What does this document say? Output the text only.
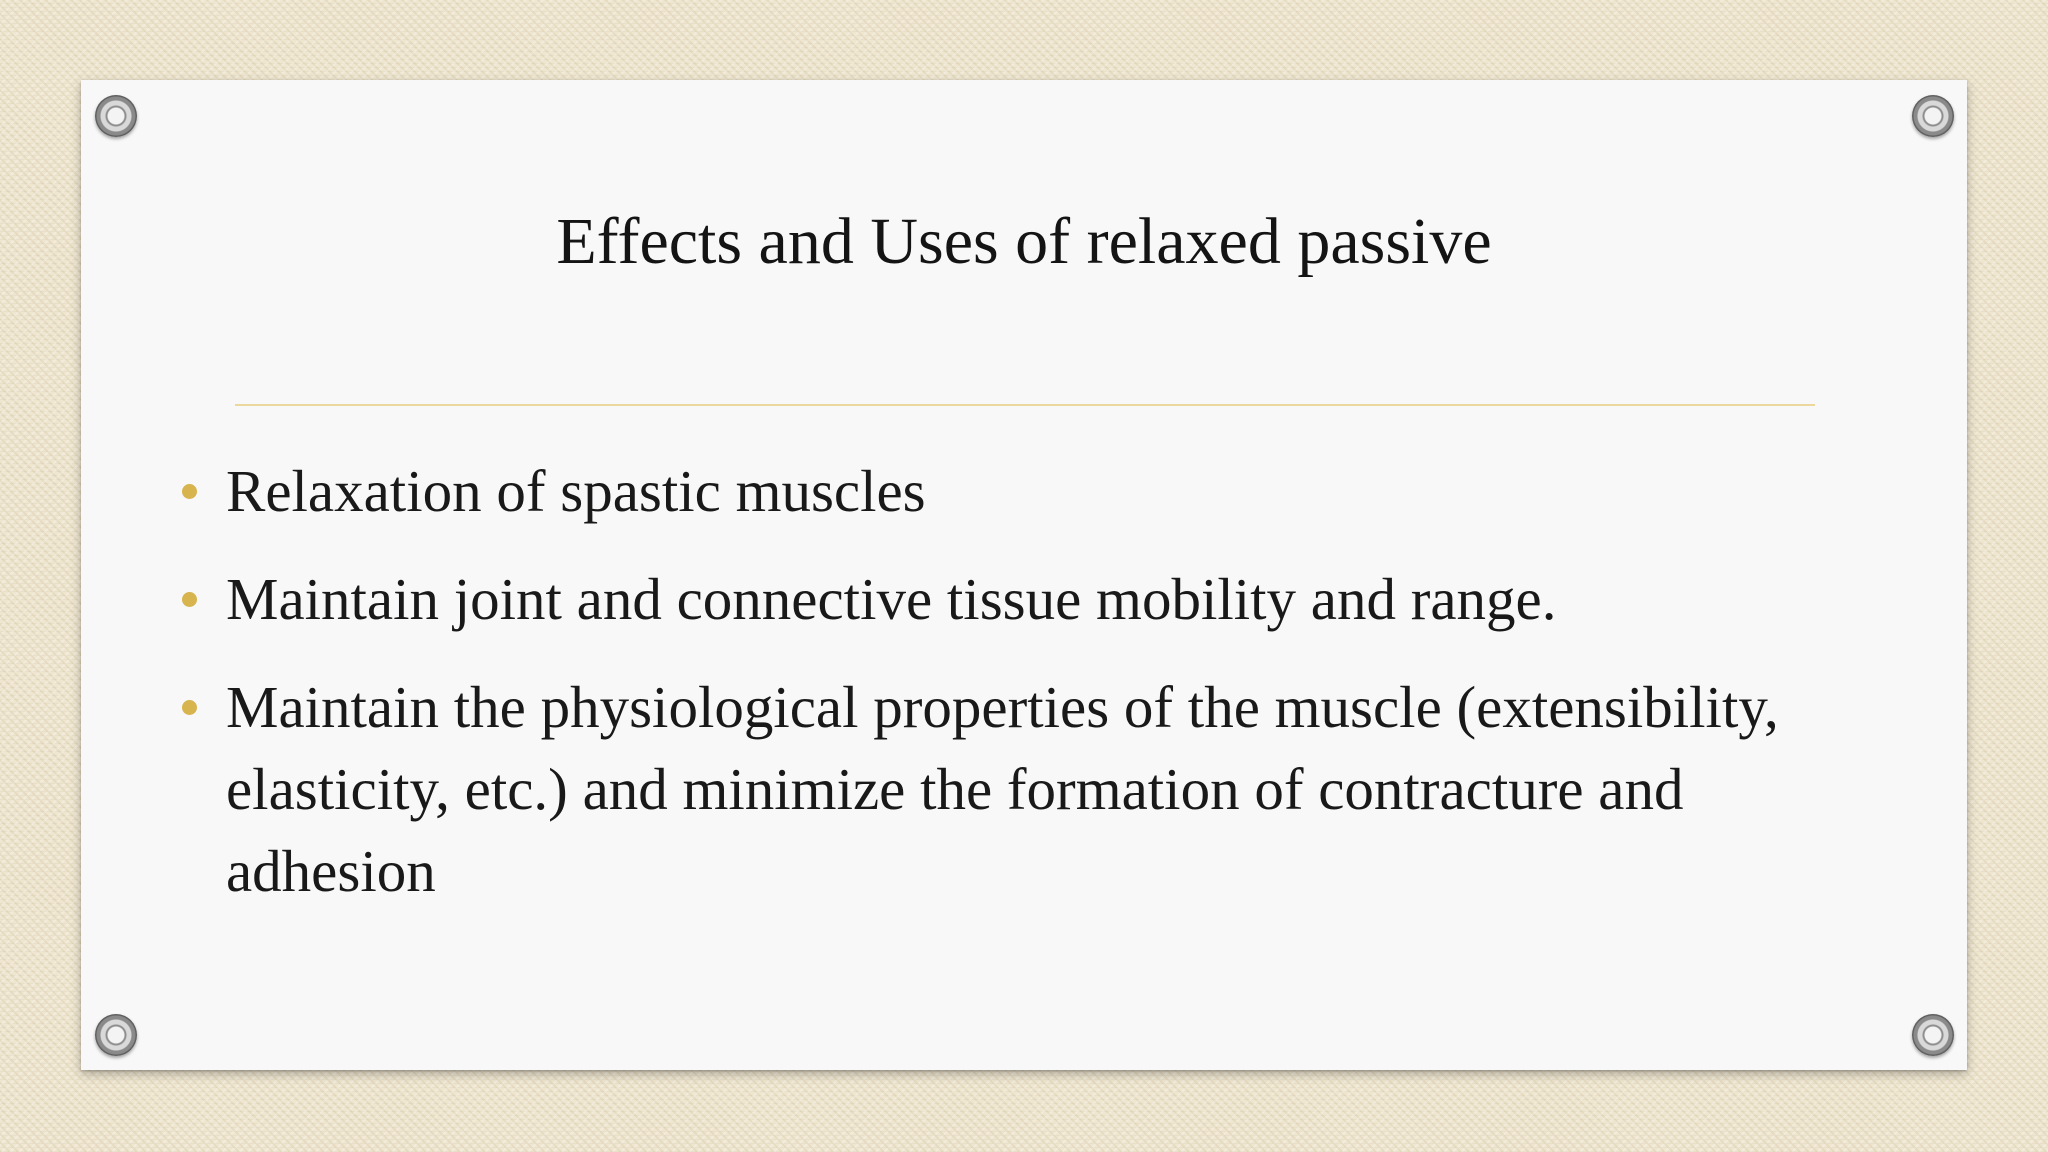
Effects and Uses of relaxed passive
Relaxation of spastic muscles
Maintain joint and connective tissue mobility and range.
Maintain the physiological properties of the muscle (extensibility, elasticity, etc.) and minimize the formation of contracture and adhesion
